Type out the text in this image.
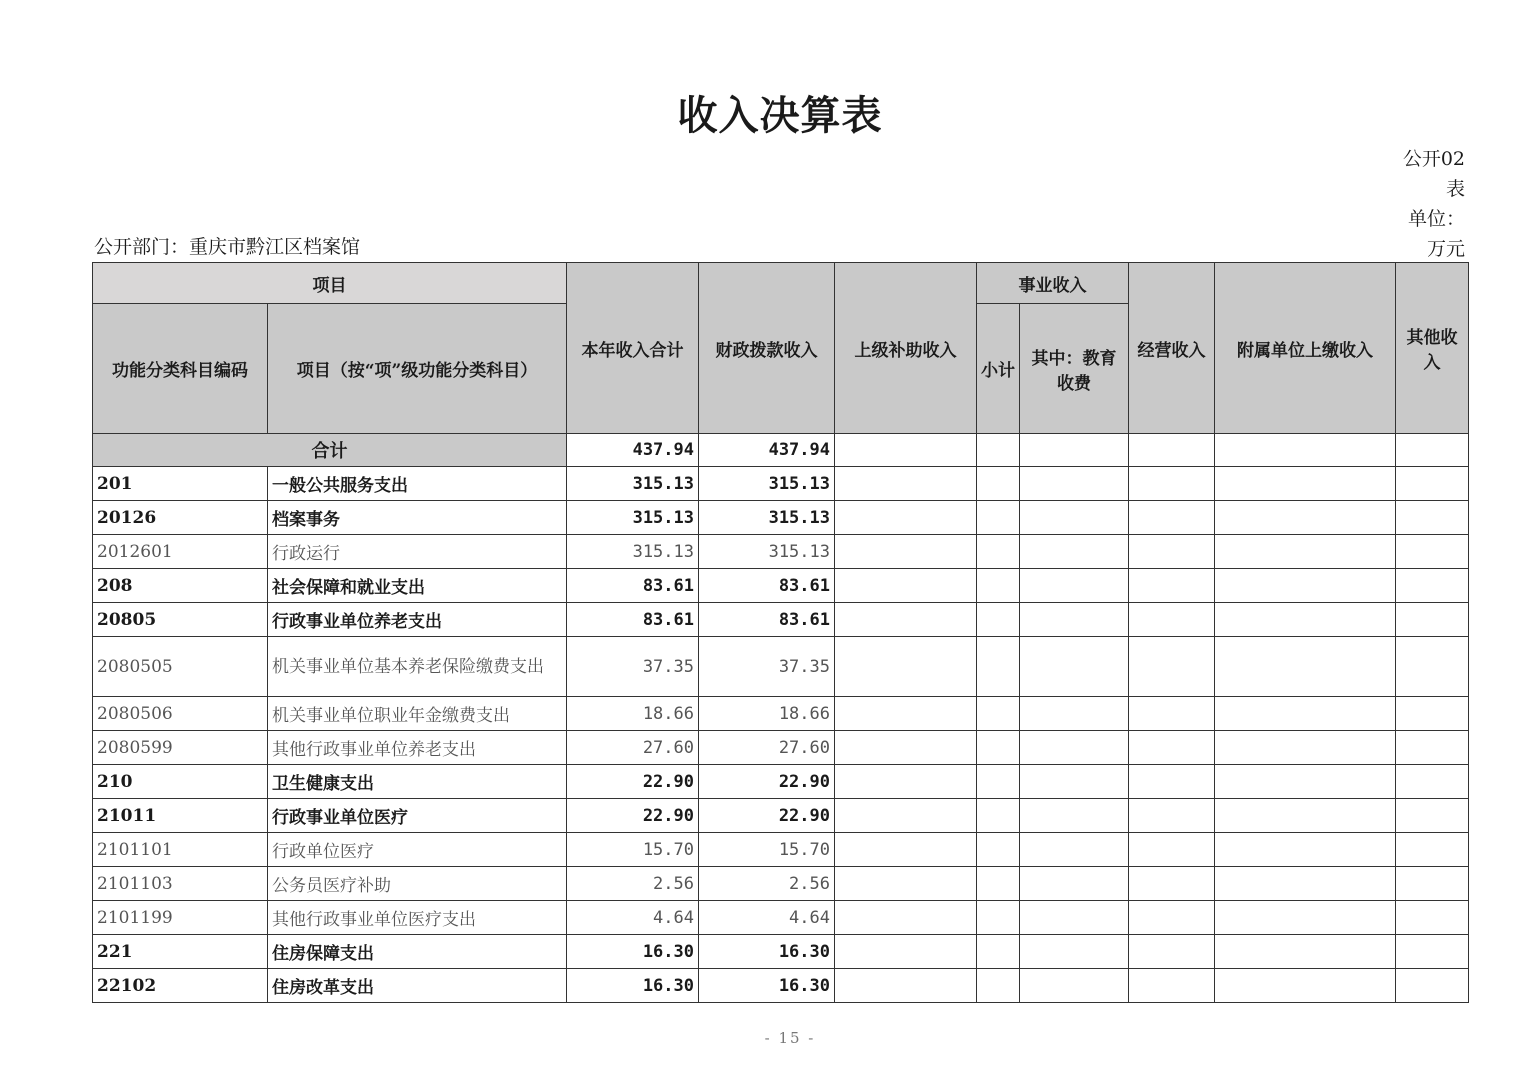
收入决算表
公开02
表
单位：
万元
公开部门：重庆市黔江区档案馆
项目		本年收入合计	财政拨款收入	上级补助收入	事业收入		经营收入	附属单位上缴收入	其他收入
功能分类科目编码	项目（按“项”级功能分类科目）				小计	其中：教育收费			
合计		437.94	437.94						
201	一般公共服务支出	315.13	315.13						
20126	档案事务	315.13	315.13						
2012601	行政运行	315.13	315.13						
208	社会保障和就业支出	83.61	83.61						
20805	行政事业单位养老支出	83.61	83.61						
2080505	机关事业单位基本养老保险缴费支出	37.35	37.35						
2080506	机关事业单位职业年金缴费支出	18.66	18.66						
2080599	其他行政事业单位养老支出	27.60	27.60						
210	卫生健康支出	22.90	22.90						
21011	行政事业单位医疗	22.90	22.90						
2101101	行政单位医疗	15.70	15.70						
2101103	公务员医疗补助	2.56	2.56						
2101199	其他行政事业单位医疗支出	4.64	4.64						
221	住房保障支出	16.30	16.30						
22102	住房改革支出	16.30	16.30						
- 15 -
